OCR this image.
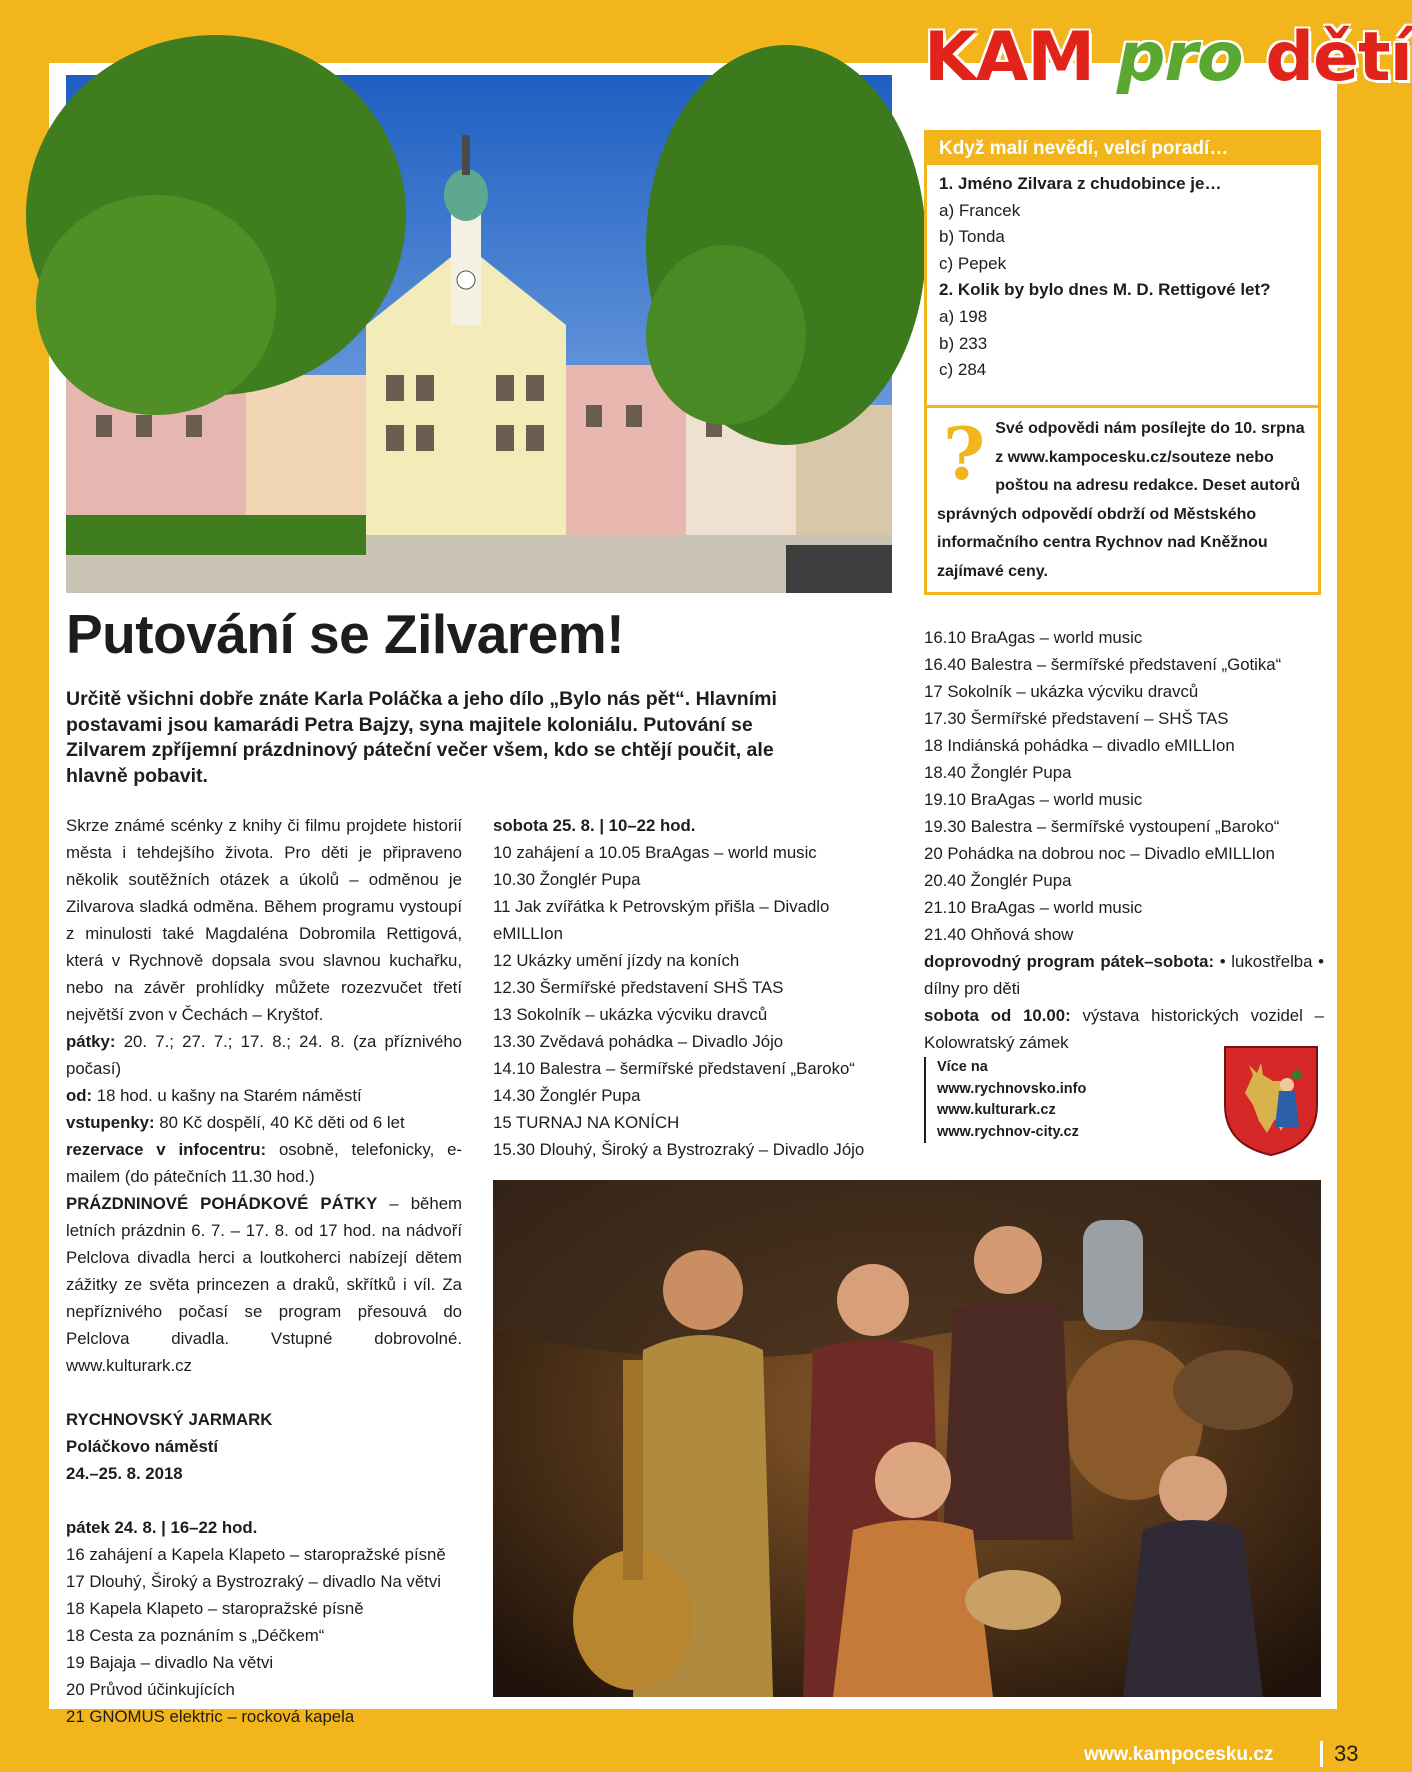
KAM pro dětí
Když malí nevědí, velcí poradí…
1. Jméno Zilvara z chudobince je…
a) Francek
b) Tonda
c) Pepek
2. Kolik by bylo dnes M. D. Rettigové let?
a) 198
b) 233
c) 284
? Své odpovědi nám posílejte do 10. srpna z www.kampocesku.cz/souteze nebo poštou na adresu redakce. Deset autorů správných odpovědí obdrží od Městského informačního centra Rychnov nad Kněžnou zajímavé ceny.
Putování se Zilvarem!
Určitě všichni dobře znáte Karla Poláčka a jeho dílo „Bylo nás pět“. Hlavními postavami jsou kamarádi Petra Bajzy, syna majitele koloniálu. Putování se Zilvarem zpříjemní prázdninový páteční večer všem, kdo se chtějí poučit, ale hlavně pobavit.

Skrze známé scénky z knihy či filmu projdete historií města i tehdejšího života. Pro děti je připraveno několik soutěžních otázek a úkolů – odměnou je Zilvarova sladká odměna. Během programu vystoupí z minulosti také Magdaléna Dobromila Rettigová, která v Rychnově dopsala svou slavnou kuchařku, nebo na závěr prohlídky můžete rozezvučet třetí největší zvon v Čechách – Kryštof.

pátky: 20. 7.; 27. 7.; 17. 8.; 24. 8. (za příznivého počasí)

od: 18 hod. u kašny na Starém náměstí

vstupenky: 80 Kč dospělí, 40 Kč děti od 6 let

rezervace v infocentru: osobně, telefonicky, e-mailem (do pátečních 11.30 hod.)

PRÁZDNINOVÉ POHÁDKOVÉ PÁTKY – během letních prázdnin 6. 7. – 17. 8. od 17 hod. na nádvoří Pelclova divadla herci a loutkoherci nabízejí dětem zážitky ze světa princezen a draků, skřítků i víl. Za nepříznivého počasí se program přesouvá do Pelclova divadla. Vstupné dobrovolné. www.kulturark.cz

RYCHNOVSKÝ JARMARK

Poláčkovo náměstí

24.–25. 8. 2018

pátek 24. 8. | 16–22 hod.

16 zahájení a Kapela Klapeto – staropražské písně

17 Dlouhý, Široký a Bystrozraký – divadlo Na větvi

18 Kapela Klapeto – staropražské písně

18 Cesta za poznáním s „Déčkem“

19 Bajaja – divadlo Na větvi

20 Průvod účinkujících

21 GNOMUS elektric – rocková kapela

sobota 25. 8. | 10–22 hod.

10 zahájení a 10.05 BraAgas – world music

10.30 Žonglér Pupa

11 Jak zvířátka k Petrovským přišla – Divadlo eMILLIon

12 Ukázky umění jízdy na koních

12.30 Šermířské představení SHŠ TAS

13 Sokolník – ukázka výcviku dravců

13.30 Zvědavá pohádka – Divadlo Jójo

14.10 Balestra – šermířské představení „Baroko“

14.30 Žonglér Pupa

15 TURNAJ NA KONÍCH

15.30 Dlouhý, Široký a Bystrozraký – Divadlo Jójo

16.10 BraAgas – world music

16.40 Balestra – šermířské představení „Gotika“

17 Sokolník – ukázka výcviku dravců

17.30 Šermířské představení – SHŠ TAS

18 Indiánská pohádka – divadlo eMILLIon

18.40 Žonglér Pupa

19.10 BraAgas – world music

19.30 Balestra – šermířské vystoupení „Baroko“

20 Pohádka na dobrou noc – Divadlo eMILLIon

20.40 Žonglér Pupa

21.10 BraAgas – world music

21.40 Ohňová show

doprovodný program pátek–sobota: • lukostřelba • dílny pro děti

sobota od 10.00: výstava historických vozidel – Kolowratský zámek

Více na
www.rychnovsko.info
www.kulturark.cz
www.rychnov-city.cz
www.kampocesku.cz	33
